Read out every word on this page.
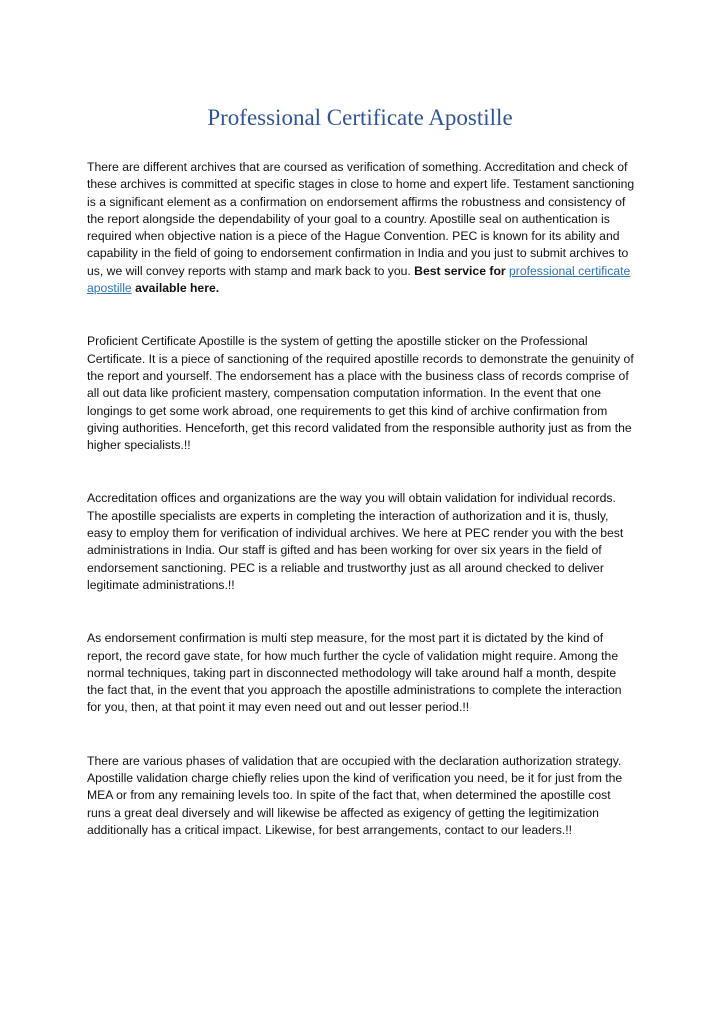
Professional Certificate Apostille

There are different archives that are coursed as verification of something. Accreditation and check of these archives is committed at specific stages in close to home and expert life. Testament sanctioning is a significant element as a confirmation on endorsement affirms the robustness and consistency of the report alongside the dependability of your goal to a country. Apostille seal on authentication is required when objective nation is a piece of the Hague Convention. PEC is known for its ability and capability in the field of going to endorsement confirmation in India and you just to submit archives to us, we will convey reports with stamp and mark back to you. Best service for professional certificate apostille available here.

Proficient Certificate Apostille is the system of getting the apostille sticker on the Professional Certificate. It is a piece of sanctioning of the required apostille records to demonstrate the genuinity of the report and yourself. The endorsement has a place with the business class of records comprise of all out data like proficient mastery, compensation computation information. In the event that one longings to get some work abroad, one requirements to get this kind of archive confirmation from giving authorities. Henceforth, get this record validated from the responsible authority just as from the higher specialists.!!

Accreditation offices and organizations are the way you will obtain validation for individual records. The apostille specialists are experts in completing the interaction of authorization and it is, thusly, easy to employ them for verification of individual archives. We here at PEC render you with the best administrations in India. Our staff is gifted and has been working for over six years in the field of endorsement sanctioning. PEC is a reliable and trustworthy just as all around checked to deliver legitimate administrations.!!

As endorsement confirmation is multi step measure, for the most part it is dictated by the kind of report, the record gave state, for how much further the cycle of validation might require. Among the normal techniques, taking part in disconnected methodology will take around half a month, despite the fact that, in the event that you approach the apostille administrations to complete the interaction for you, then, at that point it may even need out and out lesser period.!!

There are various phases of validation that are occupied with the declaration authorization strategy. Apostille validation charge chiefly relies upon the kind of verification you need, be it for just from the MEA or from any remaining levels too. In spite of the fact that, when determined the apostille cost runs a great deal diversely and will likewise be affected as exigency of getting the legitimization additionally has a critical impact. Likewise, for best arrangements, contact to our leaders.!!
